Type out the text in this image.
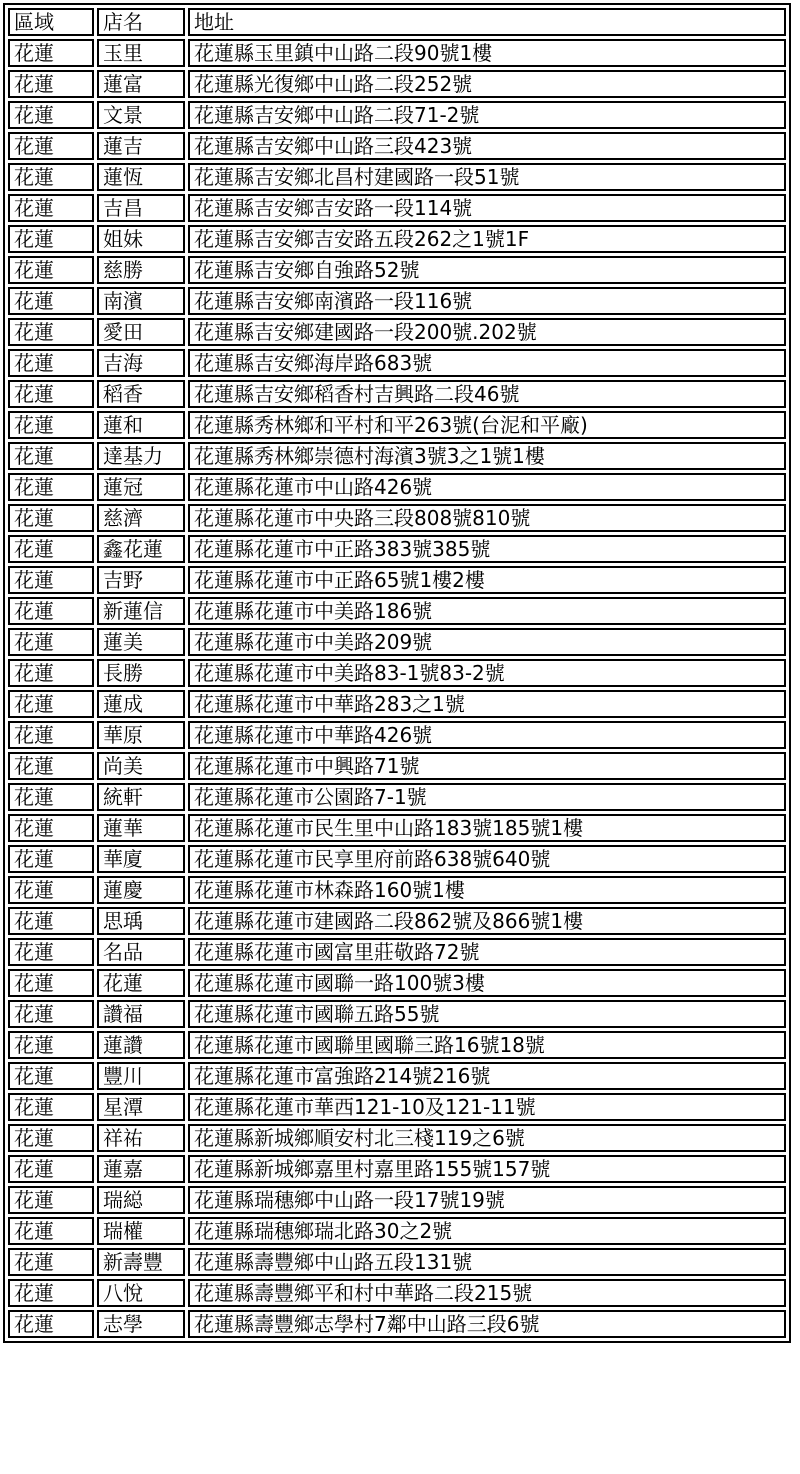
區域	店名	地址
花蓮	玉里	花蓮縣玉里鎮中山路二段90號1樓
花蓮	蓮富	花蓮縣光復鄉中山路二段252號
花蓮	文景	花蓮縣吉安鄉中山路二段71-2號
花蓮	蓮吉	花蓮縣吉安鄉中山路三段423號
花蓮	蓮恆	花蓮縣吉安鄉北昌村建國路一段51號
花蓮	吉昌	花蓮縣吉安鄉吉安路一段114號
花蓮	姐妹	花蓮縣吉安鄉吉安路五段262之1號1F
花蓮	慈勝	花蓮縣吉安鄉自強路52號
花蓮	南濱	花蓮縣吉安鄉南濱路一段116號
花蓮	愛田	花蓮縣吉安鄉建國路一段200號.202號
花蓮	吉海	花蓮縣吉安鄉海岸路683號
花蓮	稻香	花蓮縣吉安鄉稻香村吉興路二段46號
花蓮	蓮和	花蓮縣秀林鄉和平村和平263號(台泥和平廠)
花蓮	達基力	花蓮縣秀林鄉崇德村海濱3號3之1號1樓
花蓮	蓮冠	花蓮縣花蓮市中山路426號
花蓮	慈濟	花蓮縣花蓮市中央路三段808號810號
花蓮	鑫花蓮	花蓮縣花蓮市中正路383號385號
花蓮	吉野	花蓮縣花蓮市中正路65號1樓2樓
花蓮	新蓮信	花蓮縣花蓮市中美路186號
花蓮	蓮美	花蓮縣花蓮市中美路209號
花蓮	長勝	花蓮縣花蓮市中美路83-1號83-2號
花蓮	蓮成	花蓮縣花蓮市中華路283之1號
花蓮	華原	花蓮縣花蓮市中華路426號
花蓮	尚美	花蓮縣花蓮市中興路71號
花蓮	統軒	花蓮縣花蓮市公園路7-1號
花蓮	蓮華	花蓮縣花蓮市民生里中山路183號185號1樓
花蓮	華廈	花蓮縣花蓮市民享里府前路638號640號
花蓮	蓮慶	花蓮縣花蓮市林森路160號1樓
花蓮	思瑀	花蓮縣花蓮市建國路二段862號及866號1樓
花蓮	名品	花蓮縣花蓮市國富里莊敬路72號
花蓮	花蓮	花蓮縣花蓮市國聯一路100號3樓
花蓮	讚福	花蓮縣花蓮市國聯五路55號
花蓮	蓮讚	花蓮縣花蓮市國聯里國聯三路16號18號
花蓮	豐川	花蓮縣花蓮市富強路214號216號
花蓮	星潭	花蓮縣花蓮市華西121-10及121-11號
花蓮	祥祐	花蓮縣新城鄉順安村北三棧119之6號
花蓮	蓮嘉	花蓮縣新城鄉嘉里村嘉里路155號157號
花蓮	瑞縂	花蓮縣瑞穗鄉中山路一段17號19號
花蓮	瑞權	花蓮縣瑞穗鄉瑞北路30之2號
花蓮	新壽豐	花蓮縣壽豐鄉中山路五段131號
花蓮	八悅	花蓮縣壽豐鄉平和村中華路二段215號
花蓮	志學	花蓮縣壽豐鄉志學村7鄰中山路三段6號
